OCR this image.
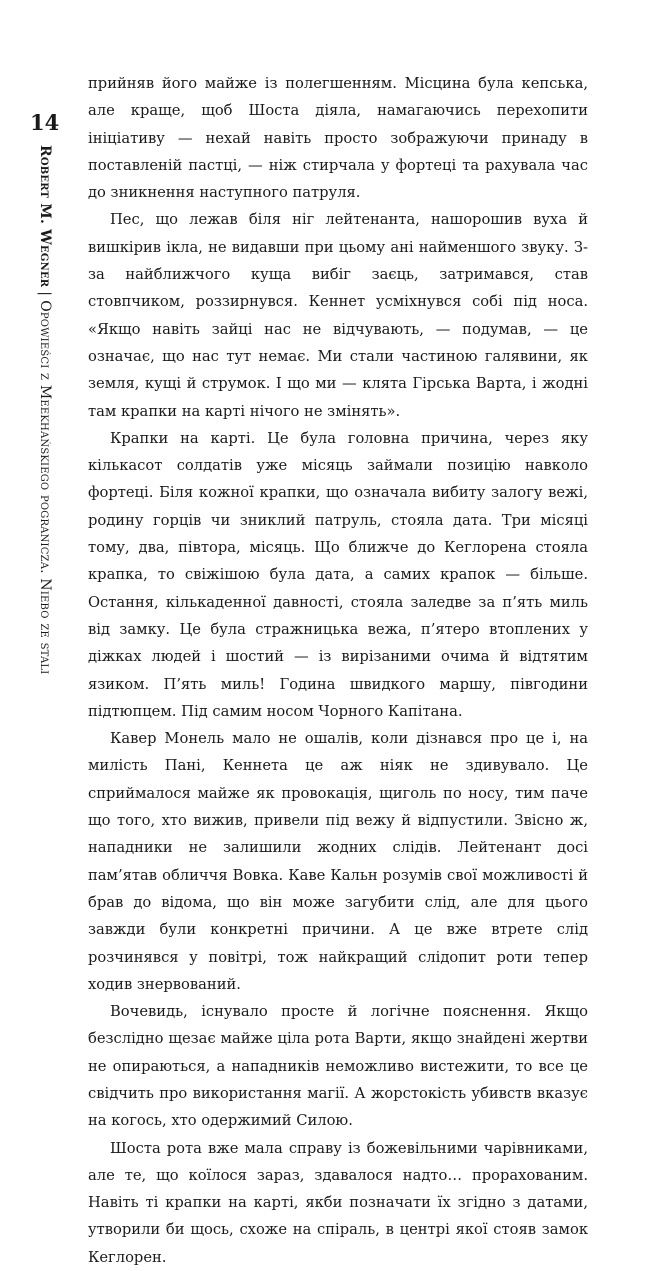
14
Robert M. Wegner|Opowieści z Meekhańskiego pogranicza. Niebo ze stali

прийняв його майже із полегшенням. Місцина була кепська, але краще, щоб Шоста діяла, намагаючись перехопити ініціативу — нехай навіть просто зображуючи принаду в поставленій пастці, — ніж стирчала у фортеці та рахувала час до зникнення наступного патруля.

Пес, що лежав біля ніг лейтенанта, нашорошив вуха й вишкірив ікла, не видавши при цьому ані найменшого звуку. З-за найближчого куща вибіг заєць, затримався, став стовпчиком, роззирнувся. Кеннет усміхнувся собі під носа. «Якщо навіть зайці нас не відчувають, — подумав, — це означає, що нас тут немає. Ми стали частиною галявини, як земля, кущі й струмок. І що ми — клята Гірська Варта, і жодні там крапки на карті нічого не змінять».

Крапки на карті. Це була головна причина, через яку кількасот солдатів уже місяць займали позицію навколо фортеці. Біля кожної крапки, що означала вибиту залогу вежі, родину горців чи зниклий патруль, стояла дата. Три місяці тому, два, півтора, місяць. Що ближче до Кеглорена стояла крапка, то свіжішою була дата, а самих крапок — більше. Остання, кількаденної давності, стояла заледве за п’ять миль від замку. Це була стражницька вежа, п’ятеро втоплених у діжках людей і шостий — із вирізаними очима й відтятим язиком. П’ять миль! Година швидкого маршу, півгодини підтюпцем. Під самим носом Чорного Капітана.

Кавер Монель мало не ошалів, коли дізнався про це і, на милість Пані, Кеннета це аж ніяк не здивувало. Це сприймалося майже як провокація, щиголь по носу, тим паче що того, хто вижив, привели під вежу й відпустили. Звісно ж, нападники не залишили жодних слідів. Лейтенант досі пам’ятав обличчя Вовка. Каве Кальн розумів свої можливості й брав до відома, що він може загубити слід, але для цього завжди були конкретні причини. А це вже втрете слід розчинявся у повітрі, тож найкращий слідопит роти тепер ходив знервований.

Вочевидь, існувало просте й логічне пояснення. Якщо безслідно щезає майже ціла рота Варти, якщо знайдені жертви не опираються, а нападників неможливо вистежити, то все це свідчить про використання магії. А жорстокість убивств вказує на когось, хто одержимий Силою.

Шоста рота вже мала справу із божевільними чарівниками, але те, що коїлося зараз, здавалося надто… прорахованим. Навіть ті крапки на карті, якби позначати їх згідно з датами, утворили би щось, схоже на спіраль, в центрі якої стояв замок Кеглорен.
